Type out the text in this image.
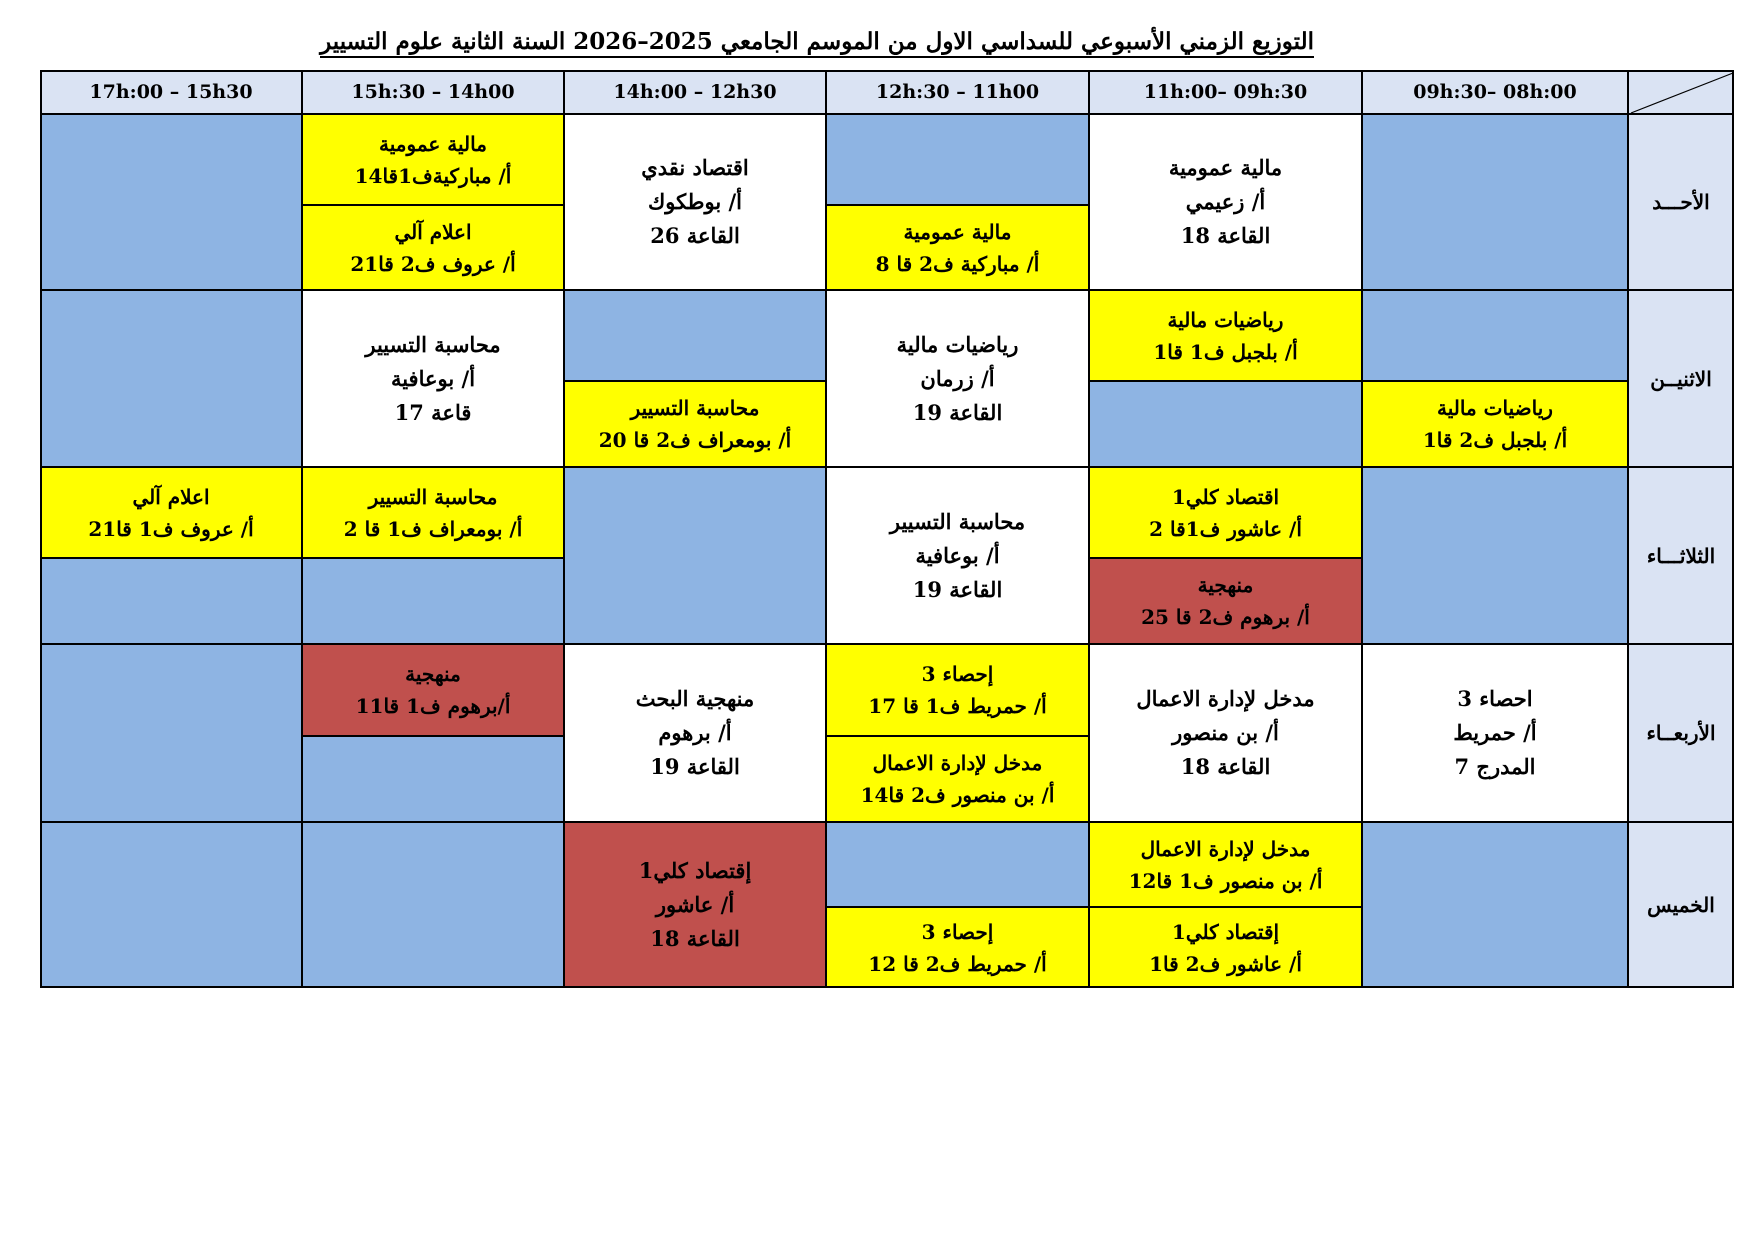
التوزيع الزمني الأسبوعي للسداسي الاول من الموسم الجامعي 2025–2026 السنة الثانية علوم التسيير
09h:30– 08h:00
11h:00– 09h:30
12h:30 – 11h00
14h:00 – 12h30
15h:30 – 14h00
17h:00 – 15h30
الأحـــد
مالية عمومية
أ/ زعيمي
القاعة 18
مالية عمومية
أ/ مباركية ف2 قا 8
اقتصاد نقدي
أ/ بوطكوك
القاعة 26
مالية عمومية
أ/ مباركيةف1قا14
اعلام آلي
أ/ عروف ف2 قا21
الاثنيــن
رياضيات مالية
أ/ بلجبل ف2 قا1
رياضيات مالية
أ/ بلجبل ف1 قا1
رياضيات مالية
أ/ زرمان
القاعة 19
محاسبة التسيير
أ/ بومعراف ف2 قا 20
محاسبة التسيير
أ/ بوعافية
قاعة 17
الثلاثـــاء
اقتصاد كلي1
أ/ عاشور ف1قا 2
منهجية
أ/ برهوم ف2 قا 25
محاسبة التسيير
أ/ بوعافية
القاعة 19
محاسبة التسيير
أ/ بومعراف ف1 قا 2
اعلام آلي
أ/ عروف ف1 قا21
الأربعــاء
احصاء 3
أ/ حمريط
المدرج 7
مدخل لإدارة الاعمال
أ/ بن منصور
القاعة 18
إحصاء 3
أ/ حمريط ف1 قا 17
مدخل لإدارة الاعمال
أ/ بن منصور ف2 قا14
منهجية البحث
أ/ برهوم
القاعة 19
منهجية
أ/برهوم ف1 قا11
الخميس
مدخل لإدارة الاعمال
أ/ بن منصور ف1 قا12
إقتصاد كلي1
أ/ عاشور ف2 قا1
إحصاء 3
أ/ حمريط ف2 قا 12
إقتصاد كلي1
أ/ عاشور
القاعة 18
